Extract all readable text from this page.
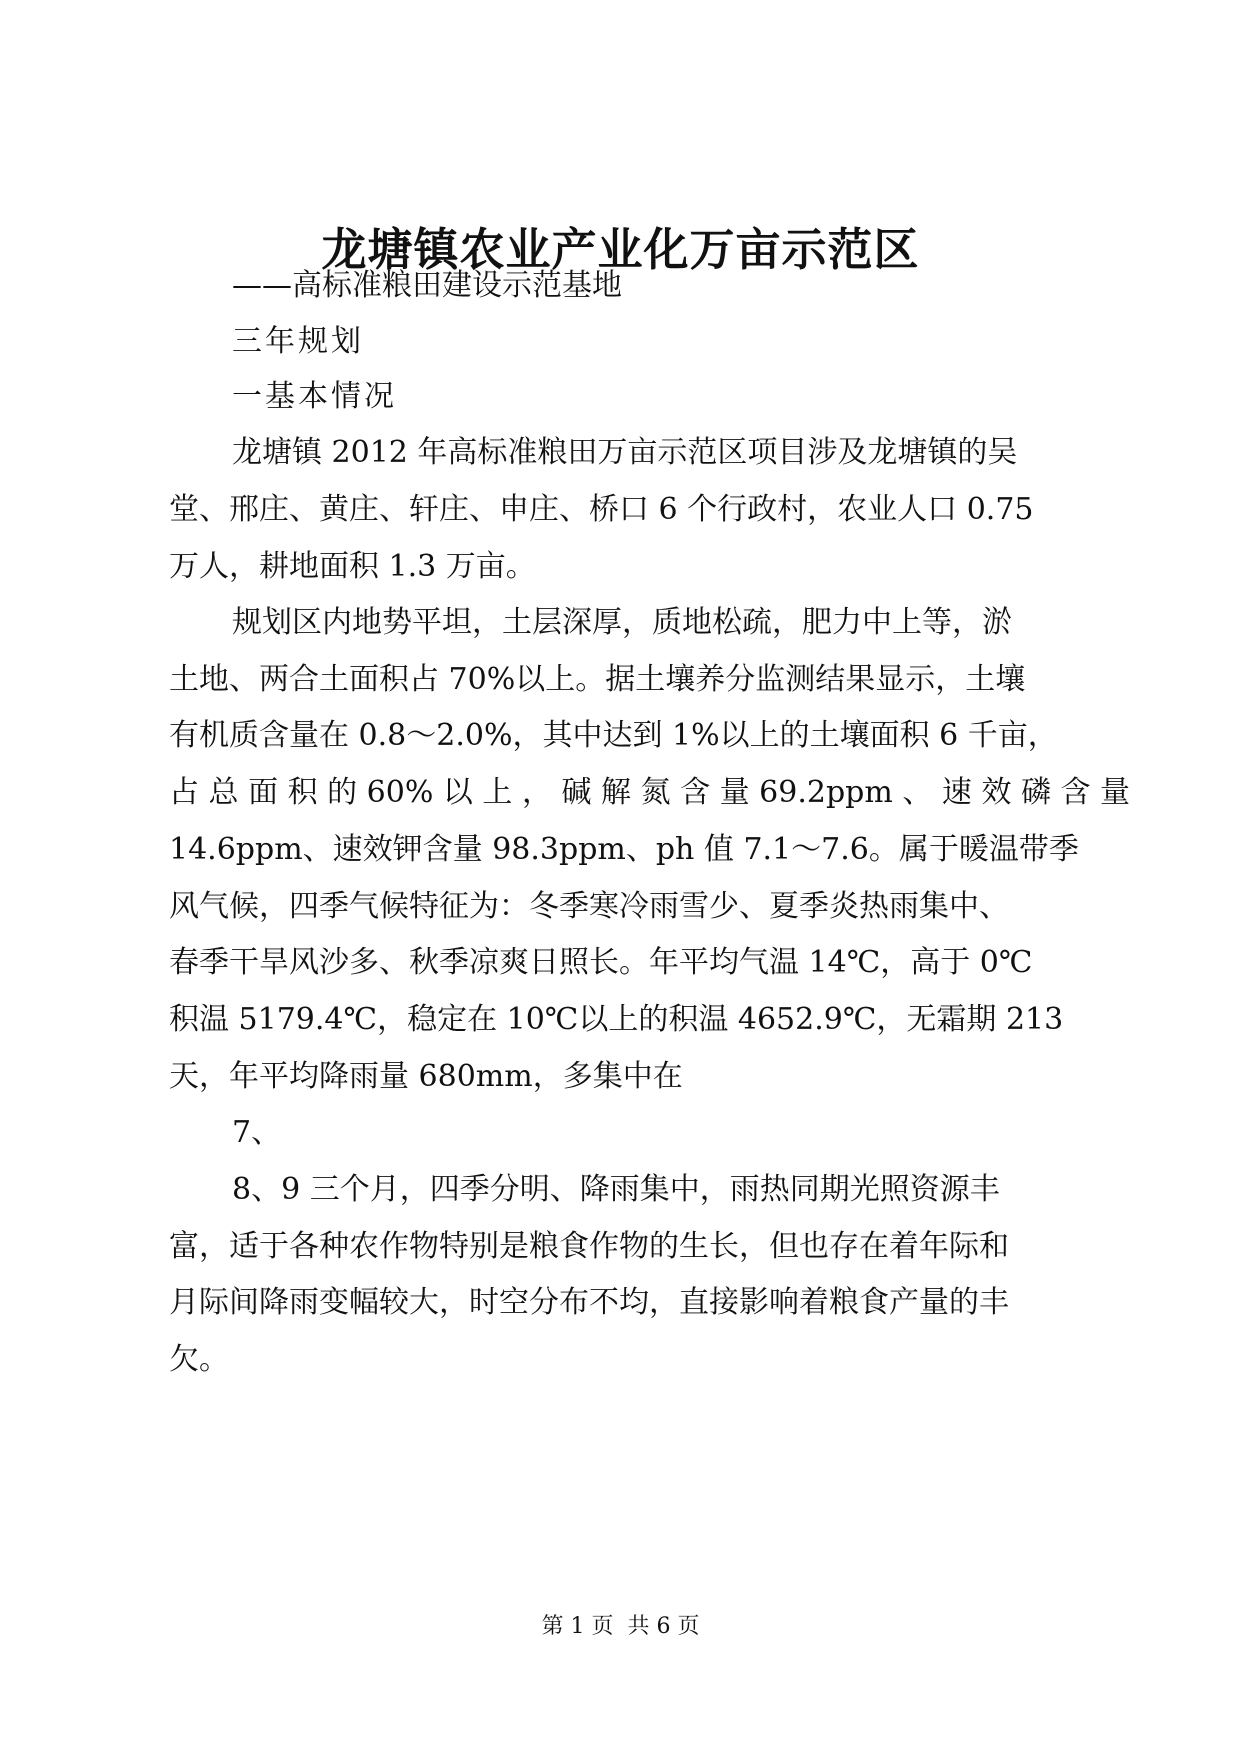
龙塘镇农业产业化万亩示范区
——高标准粮田建设示范基地
三年规划
一基本情况
龙塘镇 2012 年高标准粮田万亩示范区项目涉及龙塘镇的吴
堂、邢庄、黄庄、轩庄、申庄、桥口 6 个行政村，农业人口 0.75
万人，耕地面积 1.3 万亩。
规划区内地势平坦，土层深厚，质地松疏，肥力中上等，淤
土地、两合土面积占 70%以上。据土壤养分监测结果显示，土壤
有机质含量在 0.8～2.0%，其中达到 1%以上的土壤面积 6 千亩，
占 总 面 积 的 60% 以 上 ， 碱 解 氮 含 量 69.2ppm 、 速 效 磷 含 量
14.6ppm、速效钾含量 98.3ppm、ph 值 7.1～7.6。属于暖温带季
风气候，四季气候特征为：冬季寒冷雨雪少、夏季炎热雨集中、
春季干旱风沙多、秋季凉爽日照长。年平均气温 14℃，高于 0℃
积温 5179.4℃，稳定在 10℃以上的积温 4652.9℃，无霜期 213
天，年平均降雨量 680mm，多集中在
7、
8、9 三个月，四季分明、降雨集中，雨热同期光照资源丰
富，适于各种农作物特别是粮食作物的生长，但也存在着年际和
月际间降雨变幅较大，时空分布不均，直接影响着粮食产量的丰
欠。
第 1 页  共 6 页
